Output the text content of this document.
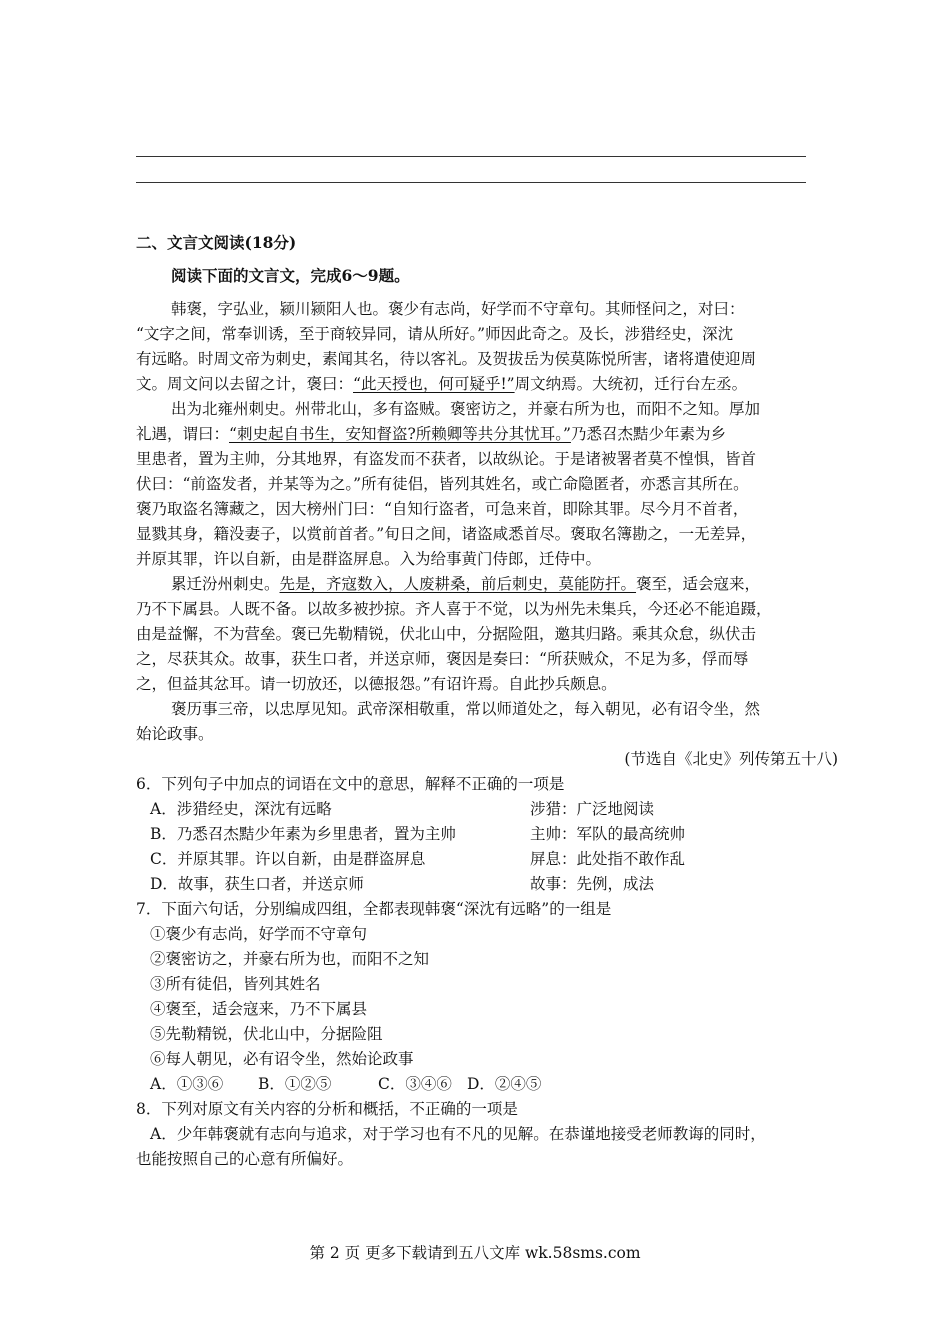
二、文言文阅读(18分)
阅读下面的文言文，完成6～9题。
韩褒，字弘业，颍川颍阳人也。褒少有志尚，好学而不守章句。其师怪问之，对曰：
“文字之间，常奉训诱，至于商较异同，请从所好。”师因此奇之。及长，涉猎经史，深沈
有远略。时周文帝为刺史，素闻其名，待以客礼。及贺拔岳为侯莫陈悦所害，诸将遣使迎周
文。周文问以去留之计，褒曰：“此天授也，何可疑乎!”周文纳焉。大统初，迁行台左丞。
出为北雍州刺史。州带北山，多有盗贼。褒密访之，并豪右所为也，而阳不之知。厚加
礼遇，谓曰：“刺史起自书生，安知督盗?所赖卿等共分其忧耳。”乃悉召杰黠少年素为乡
里患者，置为主帅，分其地界，有盗发而不获者，以故纵论。于是诸被署者莫不惶惧，皆首
伏曰：“前盗发者，并某等为之。”所有徒侣，皆列其姓名，或亡命隐匿者，亦悉言其所在。
褒乃取盗名簿藏之，因大榜州门曰：“自知行盗者，可急来首，即除其罪。尽今月不首者，
显戮其身，籍没妻子，以赏前首者。”旬日之间，诸盗咸悉首尽。褒取名簿勘之，一无差异，
并原其罪，许以自新，由是群盗屏息。入为给事黄门侍郎，迁侍中。
累迁汾州刺史。先是，齐寇数入，人废耕桑，前后刺史，莫能防扞。褒至，适会寇来，
乃不下属县。人既不备。以故多被抄掠。齐人喜于不觉，以为州先未集兵，今还必不能追蹑，
由是益懈，不为营垒。褒已先勒精锐，伏北山中，分据险阻，邀其归路。乘其众怠，纵伏击
之，尽获其众。故事，获生口者，并送京师，褒因是奏曰：“所获贼众，不足为多，俘而辱
之，但益其忿耳。请一切放还，以德报怨。”有诏许焉。自此抄兵颇息。
褒历事三帝，以忠厚见知。武帝深相敬重，常以师道处之，每入朝见，必有诏令坐，然
始论政事。
(节选自《北史》列传第五十八)
6．下列句子中加点的词语在文中的意思，解释不正确的一项是
A．涉猎经史，深沈有远略	涉猎：广泛地阅读
B．乃悉召杰黠少年素为乡里患者，置为主帅	主帅：军队的最高统帅
C．并原其罪。许以自新，由是群盗屏息	屏息：此处指不敢作乱
D．故事，获生口者，并送京师	故事：先例，成法
7．下面六句话，分别编成四组，全都表现韩褒“深沈有远略”的一组是
①褒少有志尚，好学而不守章句
②褒密访之，并豪右所为也，而阳不之知
③所有徒侣，皆列其姓名
④褒至，适会寇来，乃不下属县
⑤先勒精锐，伏北山中，分据险阻
⑥每人朝见，必有诏令坐，然始论政事
A．①③⑥ B．①②⑤	C．③④⑥ D．②④⑤
8．下列对原文有关内容的分析和概括，不正确的一项是
A．少年韩褒就有志向与追求，对于学习也有不凡的见解。在恭谨地接受老师教诲的同时，
也能按照自己的心意有所偏好。
第 2 页 更多下载请到五八文库 wk.58sms.com
